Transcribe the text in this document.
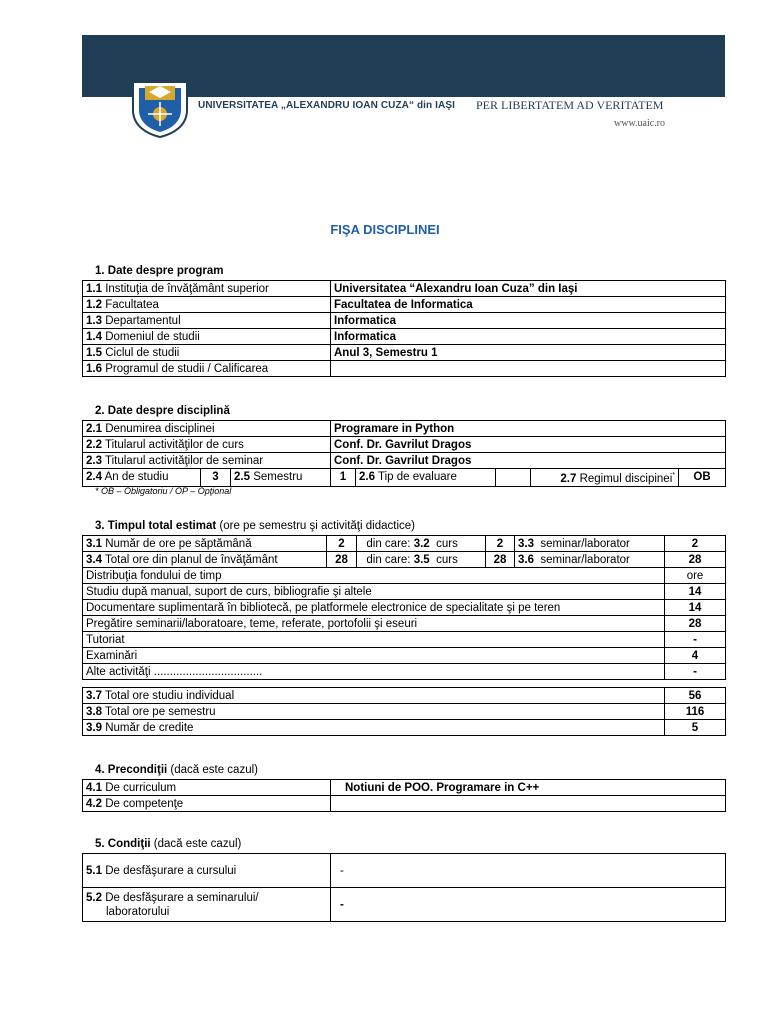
UNIVERSITATEA „ALEXANDRU IOAN CUZA“ din IAŞI PER LIBERTATEM AD VERITATEM
www.uaic.ro
FIŞA DISCIPLINEI
1. Date despre program
1.1 Instituţia de învăţământ superior	Universitatea “Alexandru Ioan Cuza” din Iaşi
1.2 Facultatea	Facultatea de Informatica
1.3 Departamentul	Informatica
1.4 Domeniul de studii	Informatica
1.5 Ciclul de studii	Anul 3, Semestru 1
1.6 Programul de studii / Calificarea	
2. Date despre disciplină
2.1 Denumirea disciplinei			Programare in Python				
2.2 Titularul activităţilor de curs			Conf. Dr. Gavrilut Dragos				
2.3 Titularul activităţilor de seminar			Conf. Dr. Gavrilut Dragos				
2.4 An de studiu	3	2.5 Semestru	1	2.6 Tip de evaluare		2.7 Regimul discipinei*	OB
* OB – Obligatoriu / OP – Opţional
3. Timpul total estimat (ore pe semestru şi activităţi didactice)
3.1 Număr de ore pe săptămână	2	din care: 3.2 curs	2	3.3 seminar/laborator	2
3.4 Total ore din planul de învăţământ	28	din care: 3.5 curs	28	3.6 seminar/laborator	28
Distribuţia fondului de timp					ore
Studiu după manual, suport de curs, bibliografie şi altele					14
Documentare suplimentară în bibliotecă, pe platformele electronice de specialitate şi pe teren					14
Pregătire seminarii/laboratoare, teme, referate, portofolii şi eseuri					28
Tutoriat					-
Examinări					4
Alte activităţi ..................................					-
3.7 Total ore studiu individual	56
3.8 Total ore pe semestru	116
3.9 Număr de credite	5
4. Precondiţii (dacă este cazul)
4.1 De curriculum	Notiuni de POO. Programare in C++
4.2 De competenţe	
5. Condiţii (dacă este cazul)
5.1 De desfăşurare a cursului	-
5.2 De desfăşurare a seminarului/
laboratorului	-
